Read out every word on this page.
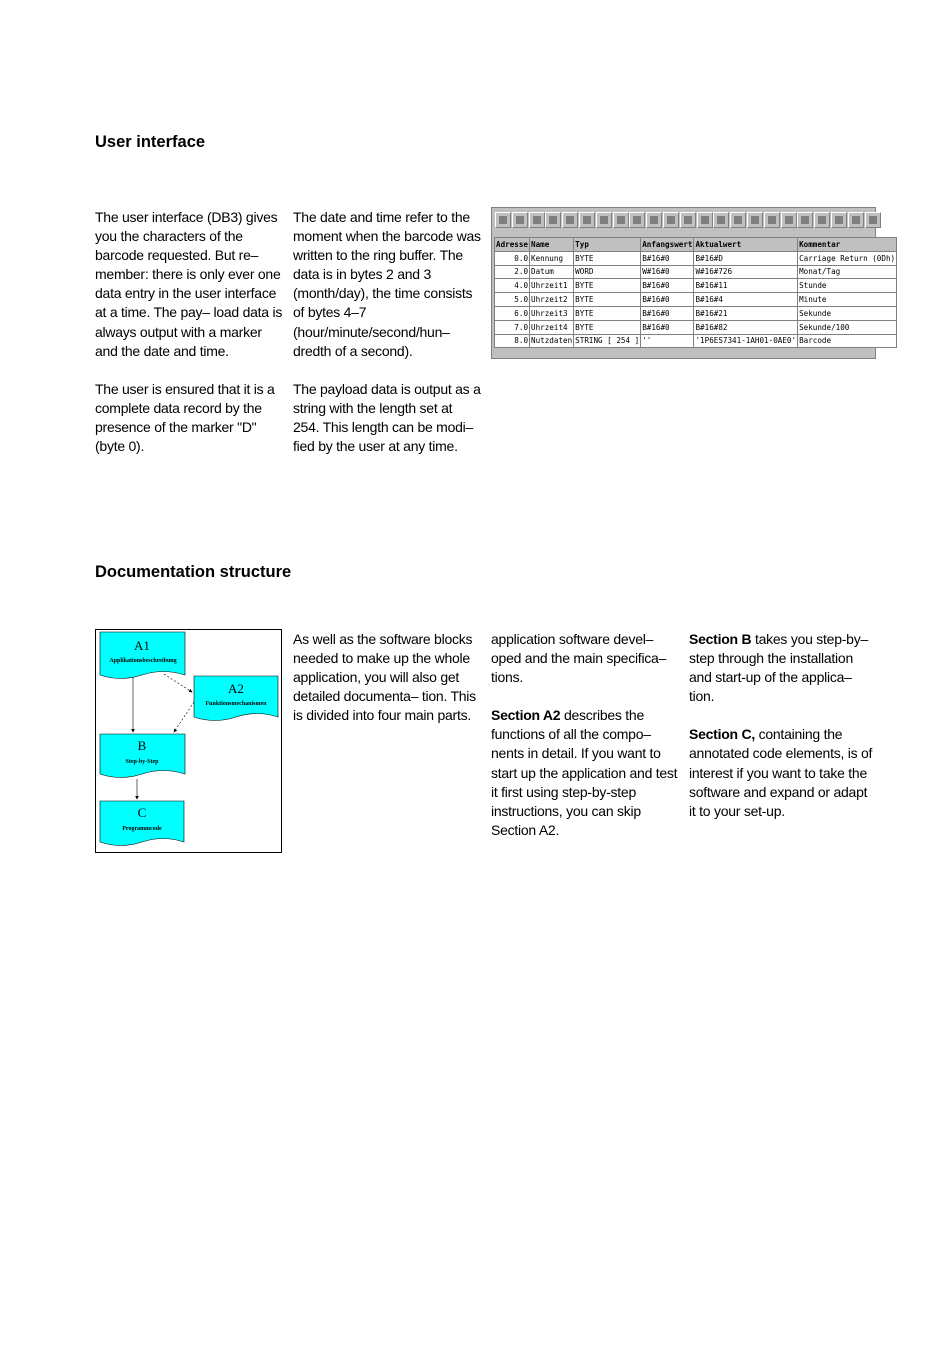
User interface

The user interface (DB3) gives you the characters of the barcode requested. But re– member: there is only ever one data entry in the user interface at a time. The pay– load data is always output with a marker and the date and time.

The user is ensured that it is a complete data record by the presence of the marker "D" (byte 0).

The date and time refer to the moment when the barcode was written to the ring buffer. The data is in bytes 2 and 3 (month/day), the time consists of bytes 4–7 (hour/minute/second/hun– dredth of a second).

The payload data is output as a string with the length set at 254. This length can be modi– fied by the user at any time.

Adresse	Name	Typ	Anfangswert	Aktualwert	Kommentar
0.0	Kennung	BYTE	B#16#0	B#16#D	Carriage Return (0Dh)
2.0	Datum	WORD	W#16#0	W#16#726	Monat/Tag
4.0	Uhrzeit1	BYTE	B#16#0	B#16#11	Stunde
5.0	Uhrzeit2	BYTE	B#16#0	B#16#4	Minute
6.0	Uhrzeit3	BYTE	B#16#0	B#16#21	Sekunde
7.0	Uhrzeit4	BYTE	B#16#0	B#16#82	Sekunde/100
8.0	Nutzdaten	STRING [ 254 ]	''	'1P6ES7341-1AH01-0AE0'	Barcode
Documentation structure
A1
Applikationsbeschreibung
A2
Funktionsmechanismen
B
Step-by-Step
C
Programmcode

As well as the software blocks needed to make up the whole application, you will also get detailed documenta– tion. This is divided into four main parts.

application software devel– oped and the main specifica– tions.

Section A2 describes the functions of all the compo– nents in detail. If you want to start up the application and test it first using step-by-step instructions, you can skip Section A2.

Section B takes you step-by– step through the installation and start-up of the applica– tion.

Section C, containing the annotated code elements, is of interest if you want to take the software and expand or adapt it to your set-up.
